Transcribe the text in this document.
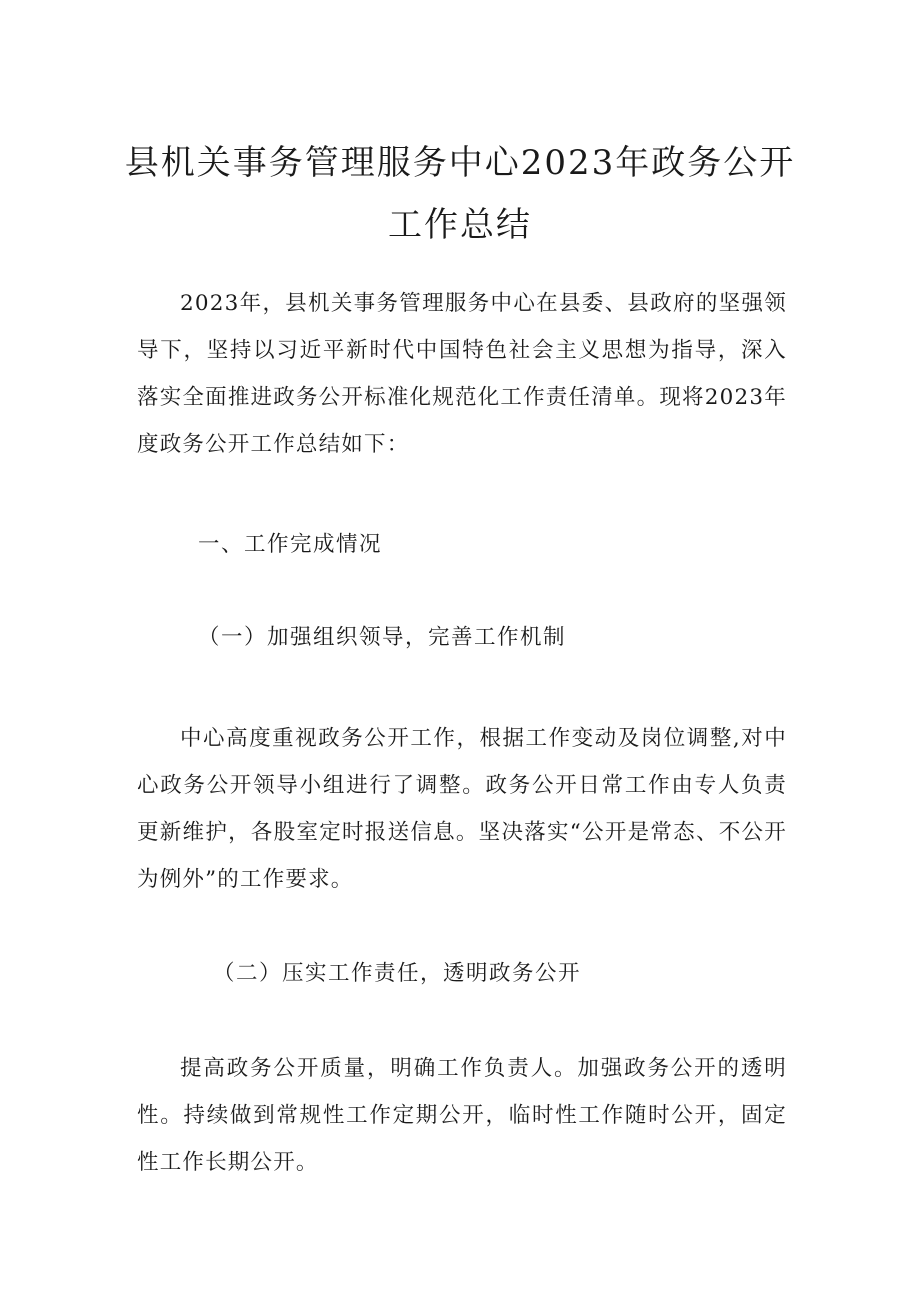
县机关事务管理服务中心2023年政务公开
工作总结

2023年，县机关事务管理服务中心在县委、县政府的坚强领导下，坚持以习近平新时代中国特色社会主义思想为指导，深入落实全面推进政务公开标准化规范化工作责任清单。现将2023年度政务公开工作总结如下：

一、工作完成情况

（一）加强组织领导，完善工作机制

中心高度重视政务公开工作，根据工作变动及岗位调整,对中心政务公开领导小组进行了调整。政务公开日常工作由专人负责更新维护，各股室定时报送信息。坚决落实“公开是常态、不公开为例外”的工作要求。

（二）压实工作责任，透明政务公开

提高政务公开质量，明确工作负责人。加强政务公开的透明性。持续做到常规性工作定期公开，临时性工作随时公开，固定性工作长期公开。
